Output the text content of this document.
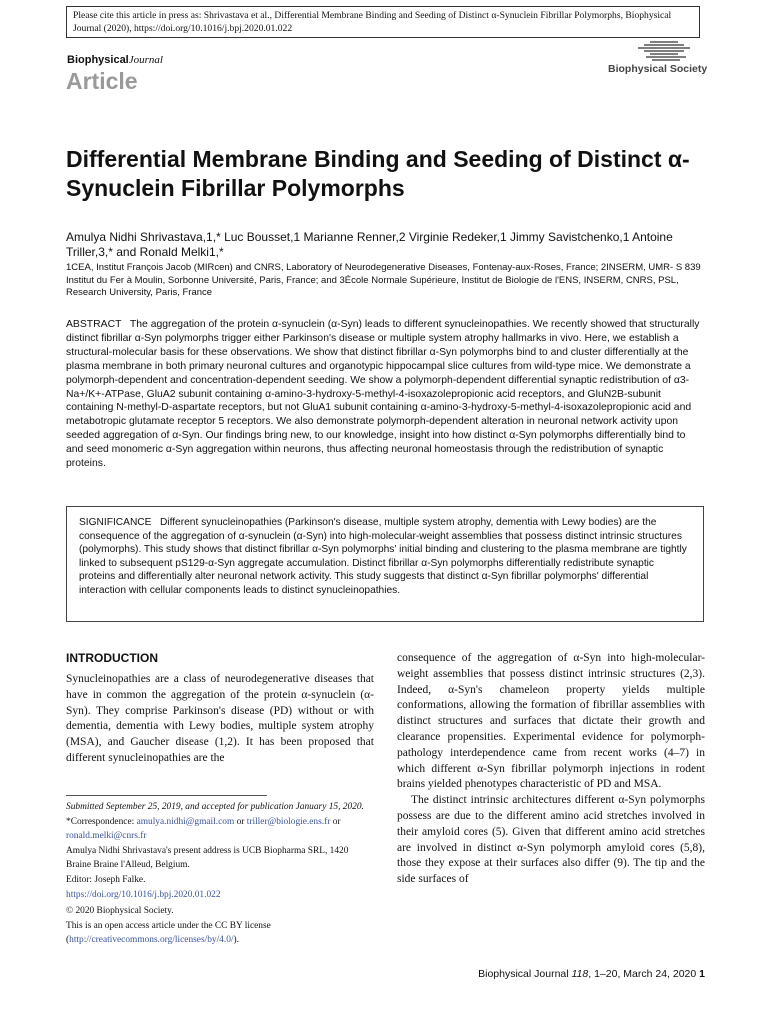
Please cite this article in press as: Shrivastava et al., Differential Membrane Binding and Seeding of Distinct α-Synuclein Fibrillar Polymorphs, Biophysical Journal (2020), https://doi.org/10.1016/j.bpj.2020.01.022
BiophysicalJournal
Article	Biophysical Society
Differential Membrane Binding and Seeding of Distinct α-Synuclein Fibrillar Polymorphs
Amulya Nidhi Shrivastava,1,* Luc Bousset,1 Marianne Renner,2 Virginie Redeker,1 Jimmy Savistchenko,1 Antoine Triller,3,* and Ronald Melki1,*
1CEA, Institut François Jacob (MIRcen) and CNRS, Laboratory of Neurodegenerative Diseases, Fontenay-aux-Roses, France; 2INSERM, UMR- S 839 Institut du Fer à Moulin, Sorbonne Université, Paris, France; and 3École Normale Supérieure, Institut de Biologie de l'ENS, INSERM, CNRS, PSL, Research University, Paris, France
ABSTRACT The aggregation of the protein α-synuclein (α-Syn) leads to different synucleinopathies. We recently showed that structurally distinct fibrillar α-Syn polymorphs trigger either Parkinson's disease or multiple system atrophy hallmarks in vivo. Here, we establish a structural-molecular basis for these observations. We show that distinct fibrillar α-Syn polymorphs bind to and cluster differentially at the plasma membrane in both primary neuronal cultures and organotypic hippocampal slice cultures from wild-type mice. We demonstrate a polymorph-dependent and concentration-dependent seeding. We show a polymorph-dependent differential synaptic redistribution of α3-Na+/K+-ATPase, GluA2 subunit containing α-amino-3-hydroxy-5-methyl-4-isoxazolepropionic acid receptors, and GluN2B-subunit containing N-methyl-D-aspartate receptors, but not GluA1 subunit containing α-amino-3-hydroxy-5-methyl-4-isoxazolepropionic acid and metabotropic glutamate receptor 5 receptors. We also demonstrate polymorph-dependent alteration in neuronal network activity upon seeded aggregation of α-Syn. Our findings bring new, to our knowledge, insight into how distinct α-Syn polymorphs differentially bind to and seed monomeric α-Syn aggregation within neurons, thus affecting neuronal homeostasis through the redistribution of synaptic proteins.
SIGNIFICANCE Different synucleinopathies (Parkinson's disease, multiple system atrophy, dementia with Lewy bodies) are the consequence of the aggregation of α-synuclein (α-Syn) into high-molecular-weight assemblies that possess distinct intrinsic structures (polymorphs). This study shows that distinct fibrillar α-Syn polymorphs' initial binding and clustering to the plasma membrane are tightly linked to subsequent pS129-α-Syn aggregate accumulation. Distinct fibrillar α-Syn polymorphs differentially redistribute synaptic proteins and differentially alter neuronal network activity. This study suggests that distinct α-Syn fibrillar polymorphs' differential interaction with cellular components leads to distinct synucleinopathies.
INTRODUCTION
Synucleinopathies are a class of neurodegenerative diseases that have in common the aggregation of the protein α-synuclein (α-Syn). They comprise Parkinson's disease (PD) without or with dementia, dementia with Lewy bodies, multiple system atrophy (MSA), and Gaucher disease (1,2). It has been proposed that different synucleinopathies are the

consequence of the aggregation of α-Syn into high-molecular-weight assemblies that possess distinct intrinsic structures (2,3). Indeed, α-Syn's chameleon property yields multiple conformations, allowing the formation of fibrillar assemblies with distinct structures and surfaces that dictate their growth and clearance propensities. Experimental evidence for polymorph-pathology interdependence came from recent works (4–7) in which different α-Syn fibrillar polymorph injections in rodent brains yielded phenotypes characteristic of PD and MSA.

The distinct intrinsic architectures different α-Syn polymorphs possess are due to the different amino acid stretches involved in their amyloid cores (5). Given that different amino acid stretches are involved in distinct α-Syn polymorph amyloid cores (5,8), those they expose at their surfaces also differ (9). The tip and the side surfaces of

Submitted September 25, 2019, and accepted for publication January 15, 2020.

*Correspondence: amulya.nidhi@gmail.com or triller@biologie.ens.fr or ronald.melki@cnrs.fr

Amulya Nidhi Shrivastava's present address is UCB Biopharma SRL, 1420 Braine Braine l'Alleud, Belgium.

Editor: Joseph Falke.

https://doi.org/10.1016/j.bpj.2020.01.022

© 2020 Biophysical Society.

This is an open access article under the CC BY license (http://creativecommons.org/licenses/by/4.0/).

Biophysical Journal 118, 1–20, March 24, 2020 1
